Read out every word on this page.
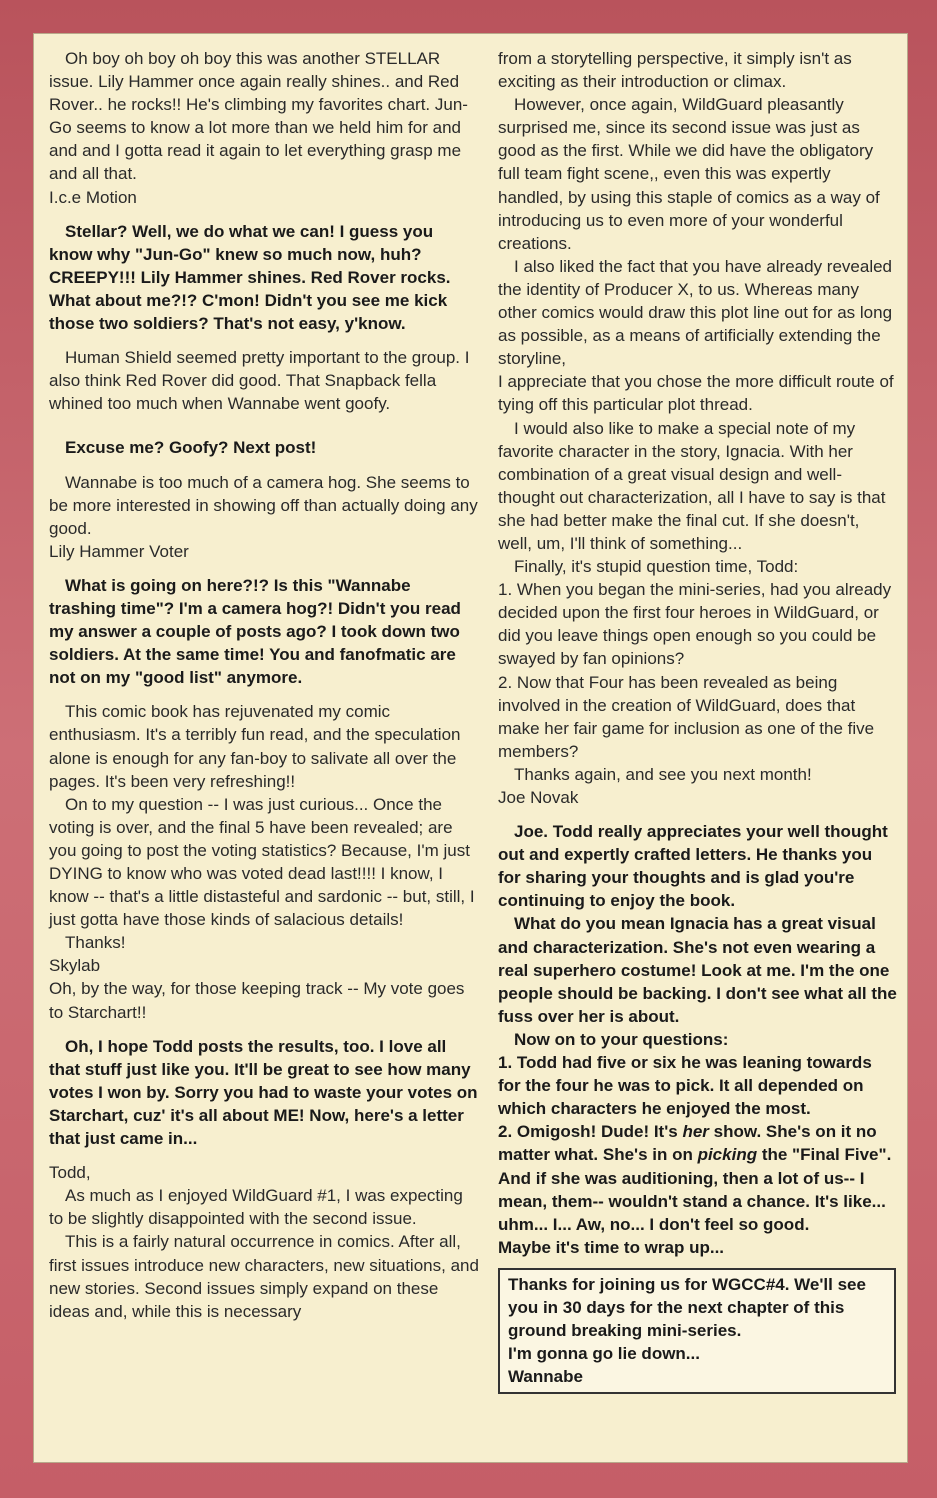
Oh boy oh boy oh boy this was another STELLAR issue. Lily Hammer once again really shines.. and Red Rover.. he rocks!! He's climbing my favorites chart. Jun-Go seems to know a lot more than we held him for and and and I gotta read it again to let everything grasp me and all that.

I.c.e Motion

Stellar? Well, we do what we can! I guess you know why "Jun-Go" knew so much now, huh? CREEPY!!! Lily Hammer shines. Red Rover rocks. What about me?!? C'mon! Didn't you see me kick those two soldiers? That's not easy, y'know.

Human Shield seemed pretty important to the group. I also think Red Rover did good. That Snapback fella whined too much when Wannabe went goofy.

Excuse me? Goofy? Next post!

Wannabe is too much of a camera hog. She seems to be more interested in showing off than actually doing any good.

Lily Hammer Voter

What is going on here?!? Is this "Wannabe trashing time"? I'm a camera hog?! Didn't you read my answer a couple of posts ago? I took down two soldiers. At the same time! You and fanofmatic are not on my "good list" anymore.

This comic book has rejuvenated my comic enthusiasm. It's a terribly fun read, and the speculation alone is enough for any fan-boy to salivate all over the pages. It's been very refreshing!!

On to my question -- I was just curious... Once the voting is over, and the final 5 have been revealed; are you going to post the voting statistics? Because, I'm just DYING to know who was voted dead last!!!! I know, I know -- that's a little distasteful and sardonic -- but, still, I just gotta have those kinds of salacious details!

Thanks!

Skylab

Oh, by the way, for those keeping track -- My vote goes to Starchart!!

Oh, I hope Todd posts the results, too. I love all that stuff just like you. It'll be great to see how many votes I won by. Sorry you had to waste your votes on Starchart, cuz' it's all about ME! Now, here's a letter that just came in...

Todd,

As much as I enjoyed WildGuard #1, I was expecting to be slightly disappointed with the second issue.

This is a fairly natural occurrence in comics. After all, first issues introduce new characters, new situations, and new stories. Second issues simply expand on these ideas and, while this is necessary

from a storytelling perspective, it simply isn't as exciting as their introduction or climax.

However, once again, WildGuard pleasantly surprised me, since its second issue was just as good as the first. While we did have the obligatory full team fight scene,, even this was expertly handled, by using this staple of comics as a way of introducing us to even more of your wonderful creations.

I also liked the fact that you have already revealed the identity of Producer X, to us. Whereas many other comics would draw this plot line out for as long as possible, as a means of artificially extending the storyline,

I appreciate that you chose the more difficult route of tying off this particular plot thread.

I would also like to make a special note of my favorite character in the story, Ignacia. With her combination of a great visual design and well-thought out characterization, all I have to say is that she had better make the final cut. If she doesn't, well, um, I'll think of something...

Finally, it's stupid question time, Todd:

1. When you began the mini-series, had you already decided upon the first four heroes in WildGuard, or did you leave things open enough so you could be swayed by fan opinions?

2. Now that Four has been revealed as being involved in the creation of WildGuard, does that make her fair game for inclusion as one of the five members?

Thanks again, and see you next month!

Joe Novak

Joe. Todd really appreciates your well thought out and expertly crafted letters. He thanks you for sharing your thoughts and is glad you're continuing to enjoy the book.

What do you mean Ignacia has a great visual and characterization. She's not even wearing a real superhero costume! Look at me. I'm the one people should be backing. I don't see what all the fuss over her is about.

Now on to your questions:

1. Todd had five or six he was leaning towards for the four he was to pick. It all depended on which characters he enjoyed the most.

2. Omigosh! Dude! It's her show. She's on it no matter what. She's in on picking the "Final Five". And if she was auditioning, then a lot of us-- I mean, them-- wouldn't stand a chance. It's like... uhm... I... Aw, no... I don't feel so good.

Maybe it's time to wrap up...

Thanks for joining us for WGCC#4. We'll see you in 30 days for the next chapter of this ground breaking mini-series.

I'm gonna go lie down...

Wannabe
